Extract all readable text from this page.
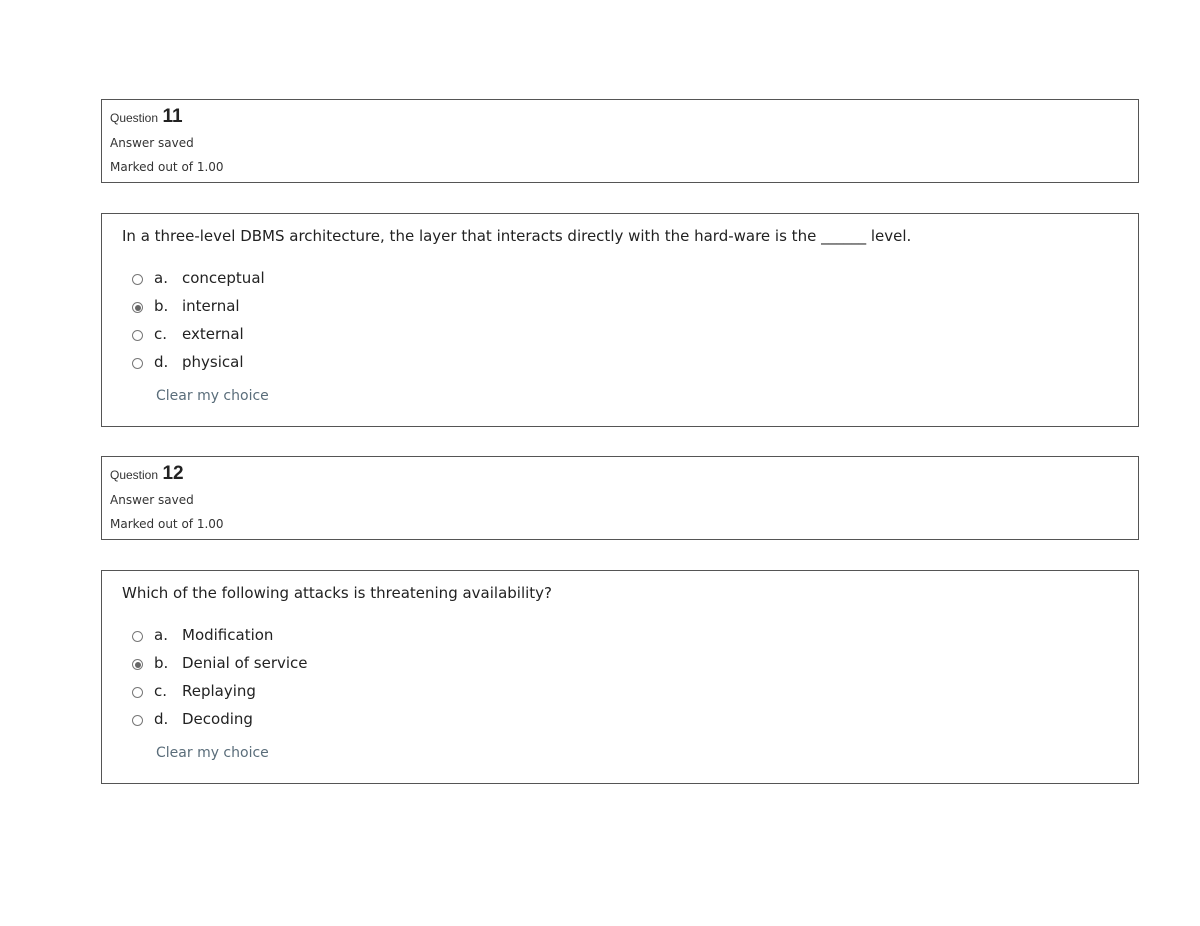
Question 11
Answer saved
Marked out of 1.00
In a three-level DBMS architecture, the layer that interacts directly with the hard-ware is the ______ level.
a. conceptual
b. internal
c. external
d. physical
Clear my choice
Question 12
Answer saved
Marked out of 1.00
Which of the following attacks is threatening availability?
a. Modification
b. Denial of service
c. Replaying
d. Decoding
Clear my choice
